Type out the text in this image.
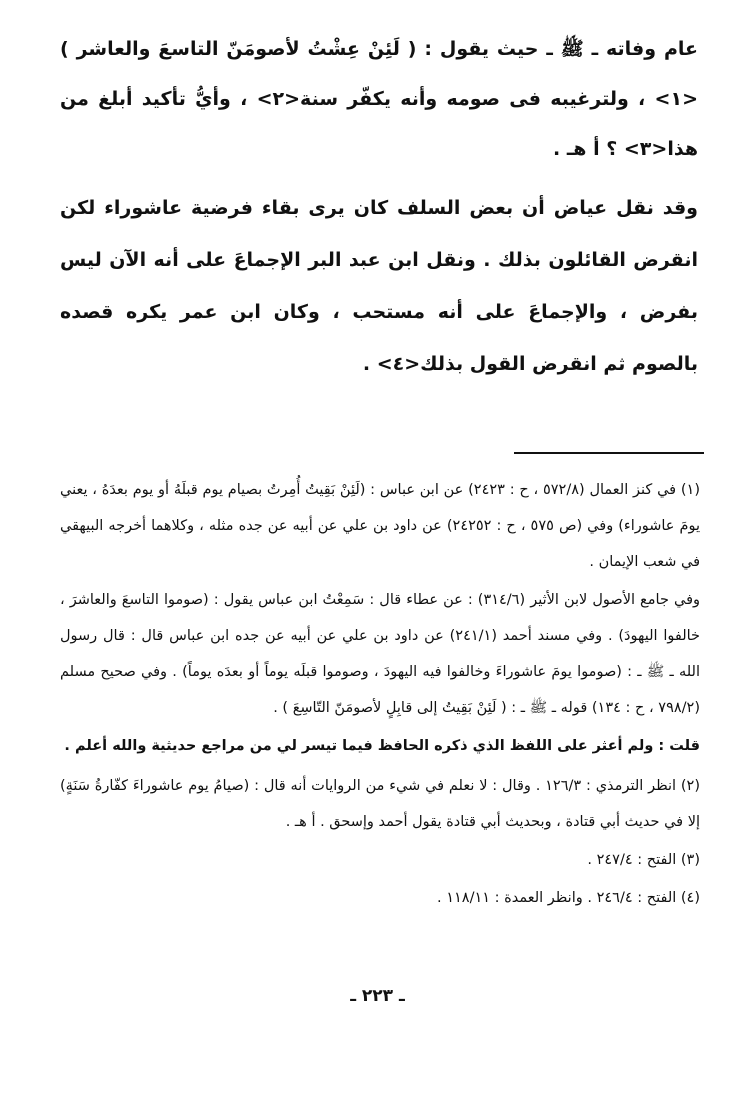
عام وفاته ـ ﷺ ـ حيث يقول : ( لَئِنْ عِشْتُ لأصومَنّ التاسعَ والعاشر )<١> ، ولترغيبه فى صومه وأنه يكفّر سنة<٢> ، وأيُّ تأكيد أبلغ من هذا<٣> ؟ أ هـ .

وقد نقل عياض أن بعض السلف كان يرى بقاء فرضية عاشوراء لكن انقرض القائلون بذلك . ونقل ابن عبد البر الإجماعَ على أنه الآن ليس بفرض ، والإجماعَ على أنه مستحب ، وكان ابن عمر يكره قصده بالصوم ثم انقرض القول بذلك<٤> .

(١) في كنز العمال (٥٧٢/٨ ، ح : ٢٤٢٣) عن ابن عباس : (لَئِنْ بَقِيتُ أُمِرتُ بصيام يوم قبلَهُ أو يوم بعدَهُ ، يعني يومَ عاشوراء) وفي (ص ٥٧٥ ، ح : ٢٤٢٥٢) عن داود بن علي عن أبيه عن جده مثله ، وكلاهما أخرجه البيهقي في شعب الإيمان .

وفي جامع الأصول لابن الأثير (٣١٤/٦) : عن عطاء قال : سَمِعْتُ ابن عباس يقول : (صوموا التاسعَ والعاشرَ ، خالفوا اليهودَ) . وفي مسند أحمد (٢٤١/١) عن داود بن علي عن أبيه عن جده ابن عباس قال : قال رسول الله ـ ﷺ ـ : (صوموا يومَ عاشوراءَ وخالفوا فيه اليهودَ ، وصوموا قبلَه يوماً أو بعدَه يوماً) . وفي صحيح مسلم (٧٩٨/٢ ، ح : ١٣٤) قوله ـ ﷺ ـ : ( لَئِنْ بَقِيتُ إلى قابِلٍ لأصومَنّ التّاسِعَ ) .

قلت : ولم أعثر على اللفظ الذي ذكره الحافظ فيما تيسر لي من مراجع حديثية والله أعلم .

(٢) انظر الترمذي : ١٢٦/٣ . وقال : لا نعلم في شيء من الروايات أنه قال : (صيامُ يوم عاشوراءَ كفّارةُ سَنَةٍ) إلا في حديث أبي قتادة ، وبحديث أبي قتادة يقول أحمد وإسحق . أ هـ .

(٣) الفتح : ٢٤٧/٤ .

(٤) الفتح : ٢٤٦/٤ . وانظر العمدة : ١١٨/١١ .

ـ ٢٢٣ ـ
